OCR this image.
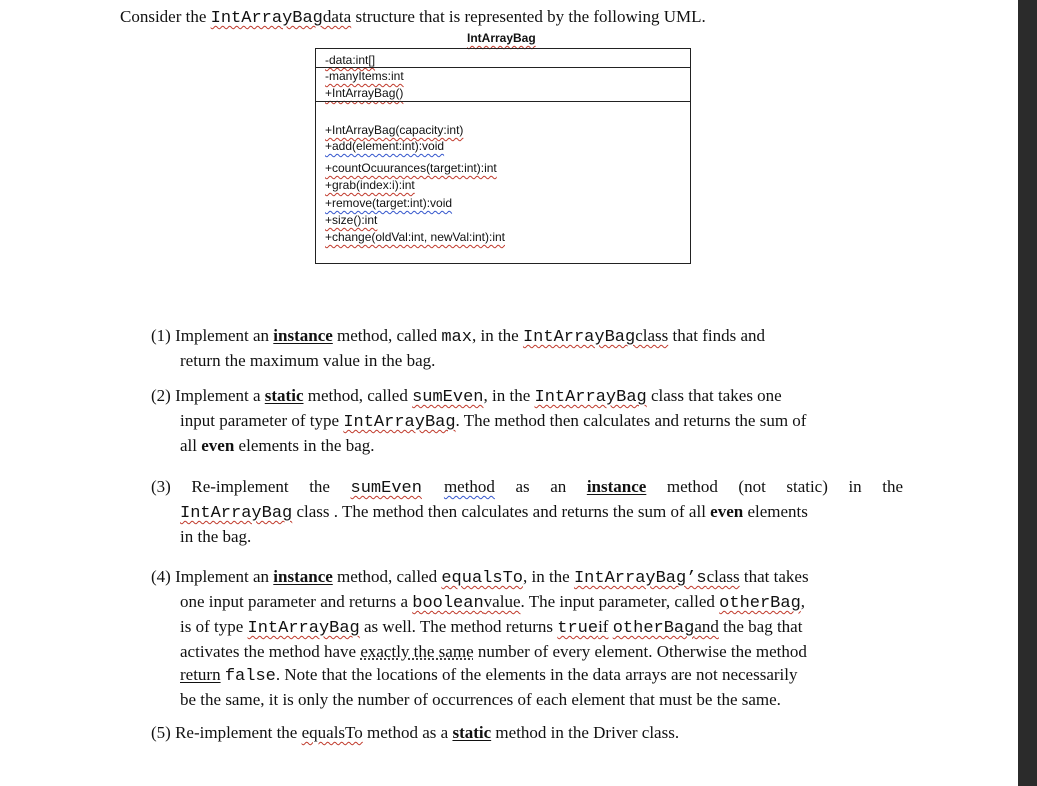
Consider the IntArrayBagdata structure that is represented by the following UML.
IntArrayBag
-data:int[]
-manyItems:int
+IntArrayBag()
+IntArrayBag(capacity:int)
+add(element:int):void
+countOcuurances(target:int):int
+grab(index:i):int
+remove(target:int):void
+size():int
+change(oldVal:int, newVal:int):int
(1) Implement an instance method, called max, in the IntArrayBagclass that finds and
return the maximum value in the bag.
(2) Implement a static method, called sumEven, in the IntArrayBag class that takes one
input parameter of type IntArrayBag. The method then calculates and returns the sum of
all even elements in the bag.
(3) Re-implement the sumEven method as an instance method (not static) in the
IntArrayBag class . The method then calculates and returns the sum of all even elements
in the bag.
(4) Implement an instance method, called equalsTo, in the IntArrayBag’sclass that takes
one input parameter and returns a booleanvalue. The input parameter, called otherBag,
is of type IntArrayBag as well. The method returns trueif otherBagand the bag that
activates the method have exactly the same number of every element. Otherwise the method
return false. Note that the locations of the elements in the data arrays are not necessarily
be the same, it is only the number of occurrences of each element that must be the same.
(5) Re-implement the equalsTo method as a static method in the Driver class.
